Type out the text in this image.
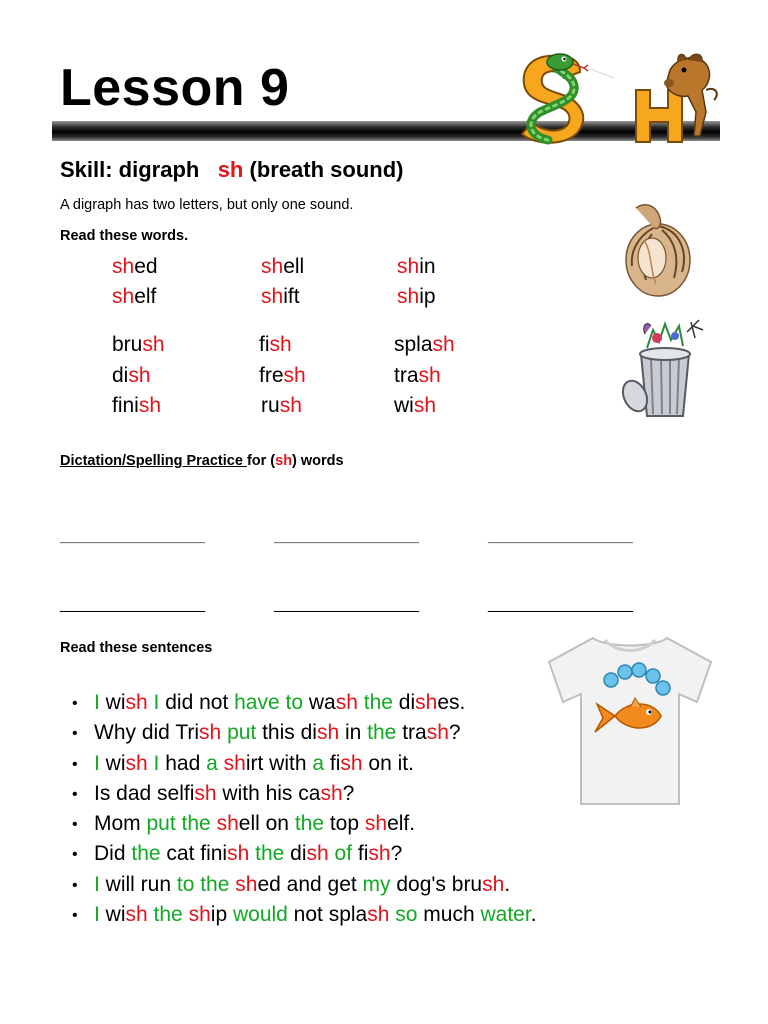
Lesson 9
Skill: digraph   sh (breath sound)
A digraph has two letters, but only one sound.
Read these words.
shed	shell	shin
shelf	shift	ship
brush	fish	splash
dish	fresh	trash
finish	rush	wish
Dictation/Spelling Practice for (sh) words
_________________	_________________	_________________
_________________	_________________	_________________
Read these sentences
• I wish I did not have to wash the dishes.
• Why did Trish put this dish in the trash?
• I wish I had a shirt with a fish on it.
• Is dad selfish with his cash?
• Mom put the shell on the top shelf.
• Did the cat finish the dish of fish?
• I will run to the shed and get my dog's brush.
• I wish the ship would not splash so much water.
